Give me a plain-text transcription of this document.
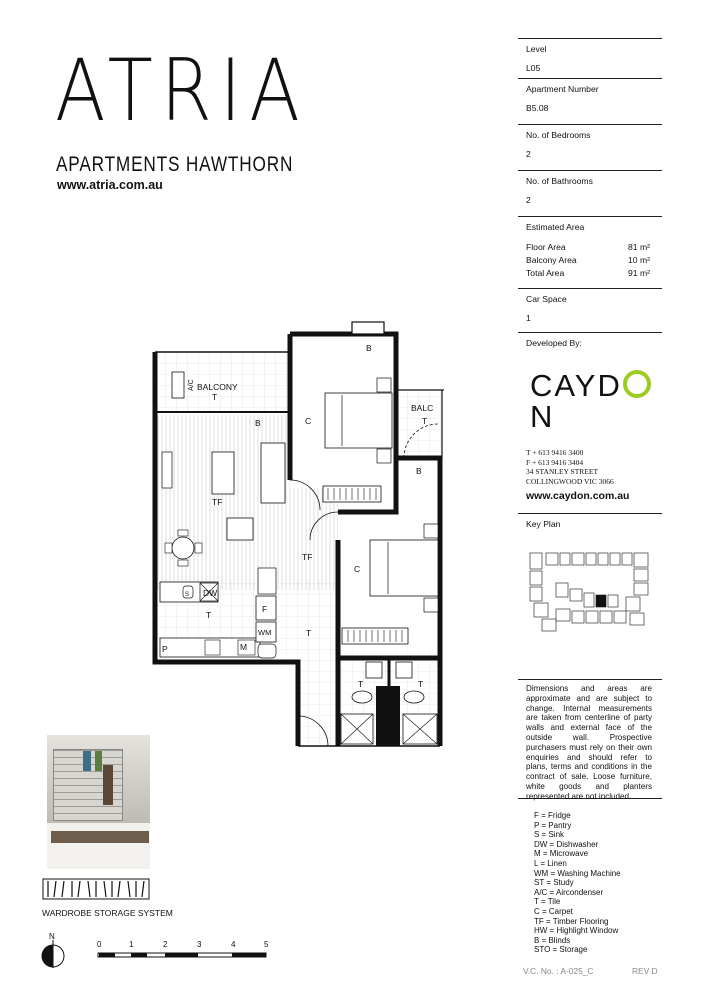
ATRIA
APARTMENTS HAWTHORN
www.atria.com.au
BALCONY
T
A/C
B
B	C
BALC
T
B
TF
TF
C
T
T
T	T
DW
S
F
WM
M
P
WARDROBE STORAGE SYSTEM
N
0	1	2	3	4	5
Level
L05
Apartment Number
B5.08
No. of Bedrooms
2
No. of Bathrooms
2
Estimated Area
Floor Area	81 m²
Balcony Area	10 m²
Total Area	91 m²
Car Space
1
Developed By:
CAYDN
T + 613 9416 3400
F + 613 9416 3404
34 STANLEY STREET
COLLINGWOOD VIC 3066
www.caydon.com.au
Key Plan
Dimensions and areas are approximate and are subject to change. Internal measurements are taken from centerline of party walls and external face of the outside wall. Prospective purchasers must rely on their own enquiries and should refer to plans, terms and conditions in the contract of sale. Loose furniture, white goods and planters represented are not included.
F = Fridge
P = Pantry
S = Sink
DW = Dishwasher
M = Microwave
L = Linen
WM = Washing Machine
ST = Study
A/C = Aircondenser
T = Tile
C = Carpet
TF = Timber Flooring
HW = Highlight Window
B = Blinds
STO = Storage
V.C. No. : A-025_C	REV D
